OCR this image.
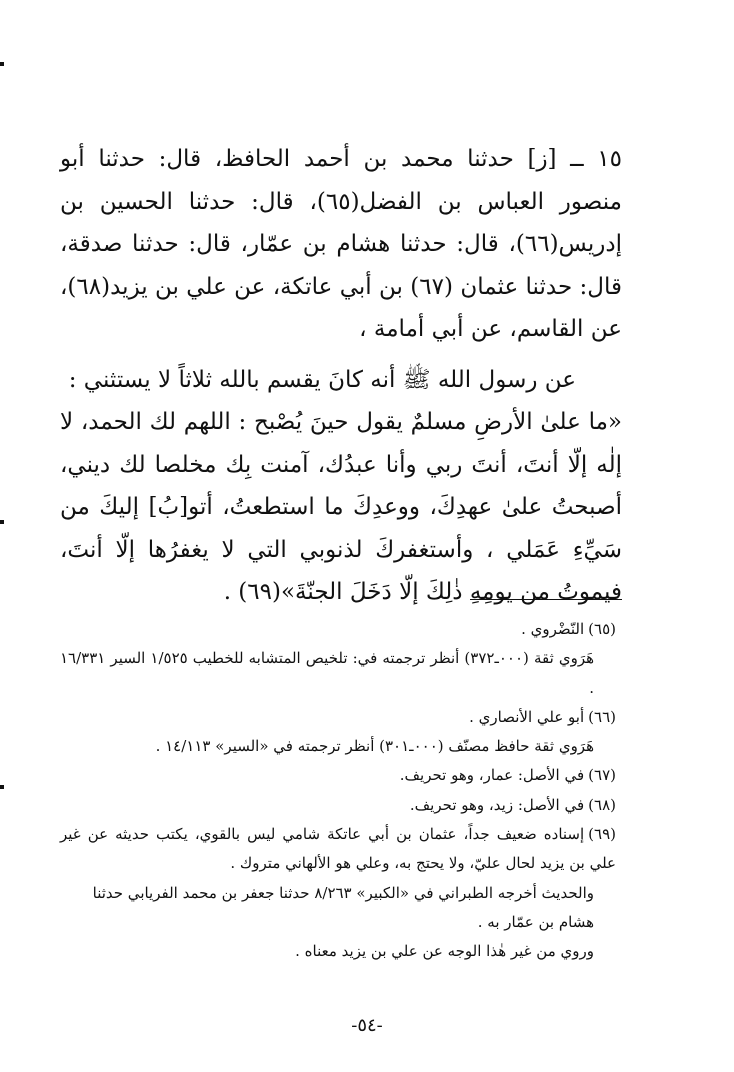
١٥ ــ [ز] حدثنا محمد بن أحمد الحافظ، قال: حدثنا أبو منصور العباس بن الفضل(٦٥)، قال: حدثنا الحسين بن إدريس(٦٦)، قال: حدثنا هشام بن عمّار، قال: حدثنا صدقة، قال: حدثنا عثمان (٦٧) بن أبي عاتكة، عن علي بن يزيد(٦٨)، عن القاسم، عن أبي أمامة ،

عن رسول الله ﷺ أنه كانَ يقسم بالله ثلاثاً لا يستثني :

«ما علىٰ الأرضِ مسلمٌ يقول حينَ يُصْبح : اللهم لك الحمد، لا إلٰه إلّا أنتَ، أنتَ ربي وأنا عبدُك، آمنت بِك مخلصا لك ديني، أصبحتُ علىٰ عهدِكَ، ووعدِكَ ما استطعتُ، أتو[بُ] إليكَ من سَيِّءِ عَمَلي ، وأستغفركَ لذنوبي التي لا يغفرُها إلّا أنتَ، فيموتُ من يومِهِ ذٰلِكَ إلّا دَخَلَ الجنّةَ»(٦٩) .

(٦٥)النّضْروي .

هَرَوي ثقة (٠٠٠ـ٣٧٢) أنظر ترجمته في: تلخيص المتشابه للخطيب ١/٥٢٥ السير ١٦/٣٣١ .

(٦٦)أبو علي الأنصاري .

هَرَوي ثقة حافظ مصنّف (٠٠٠ـ٣٠١) أنظر ترجمته في «السير» ١٤/١١٣ .

(٦٧)في الأصل: عمار، وهو تحريف.

(٦٨)في الأصل: زيد، وهو تحريف.

(٦٩)إسناده ضعيف جداً، عثمان بن أبي عاتكة شامي ليس بالقوي، يكتب حديثه عن غير علي بن يزيد لحال عليّ، ولا يحتج به، وعلي هو الألهاني متروك .

والحديث أخرجه الطبراني في «الكبير» ٨/٢٦٣ حدثنا جعفر بن محمد الفريابي حدثنا هشام بن عمّار به .

وروي من غير هٰذا الوجه عن علي بن يزيد معناه .

-٥٤-
